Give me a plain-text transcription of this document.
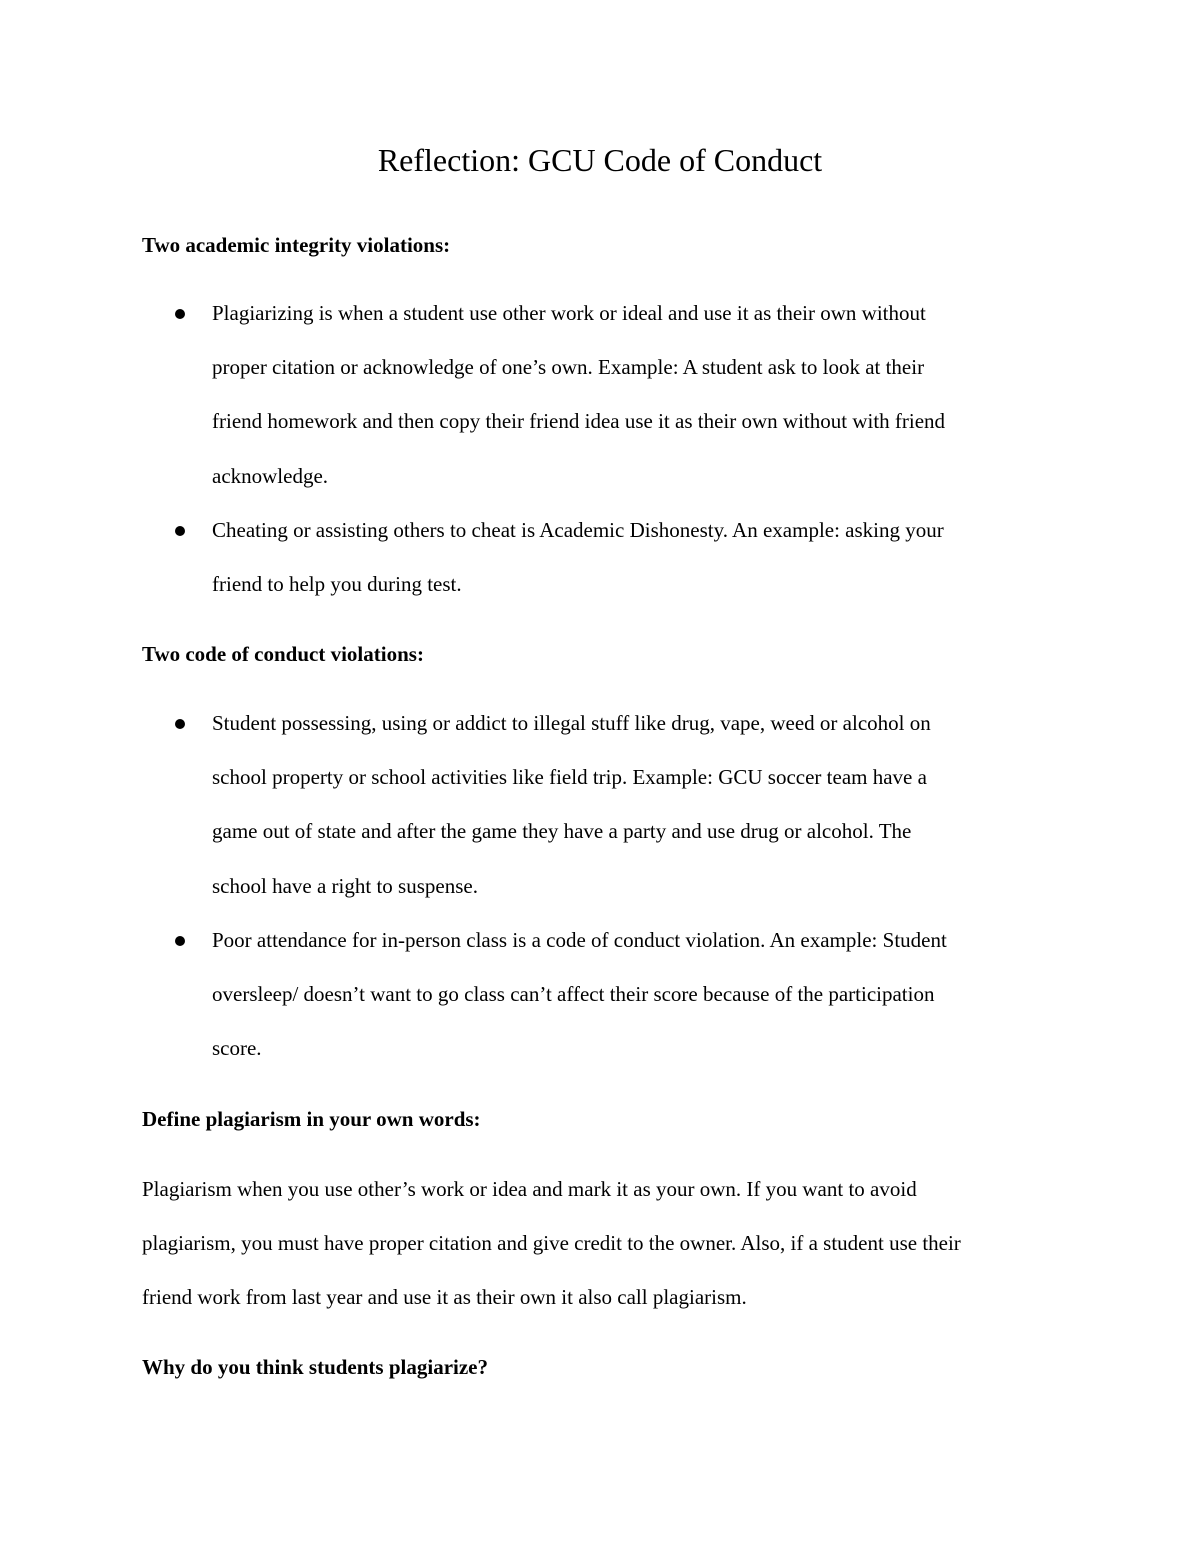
Reflection: GCU Code of Conduct
Two academic integrity violations:
Plagiarizing is when a student use other work or ideal and use it as their own without
proper citation or acknowledge of one’s own. Example: A student ask to look at their
friend homework and then copy their friend idea use it as their own without with friend
acknowledge.
Cheating or assisting others to cheat is Academic Dishonesty. An example: asking your
friend to help you during test.
Two code of conduct violations:
Student possessing, using or addict to illegal stuff like drug, vape, weed or alcohol on
school property or school activities like field trip. Example: GCU soccer team have a
game out of state and after the game they have a party and use drug or alcohol. The
school have a right to suspense.
Poor attendance for in-person class is a code of conduct violation. An example: Student
oversleep/ doesn’t want to go class can’t affect their score because of the participation
score.
Define plagiarism in your own words:

Plagiarism when you use other’s work or idea and mark it as your own. If you want to avoid
plagiarism, you must have proper citation and give credit to the owner. Also, if a student use their
friend work from last year and use it as their own it also call plagiarism.

Why do you think students plagiarize?
